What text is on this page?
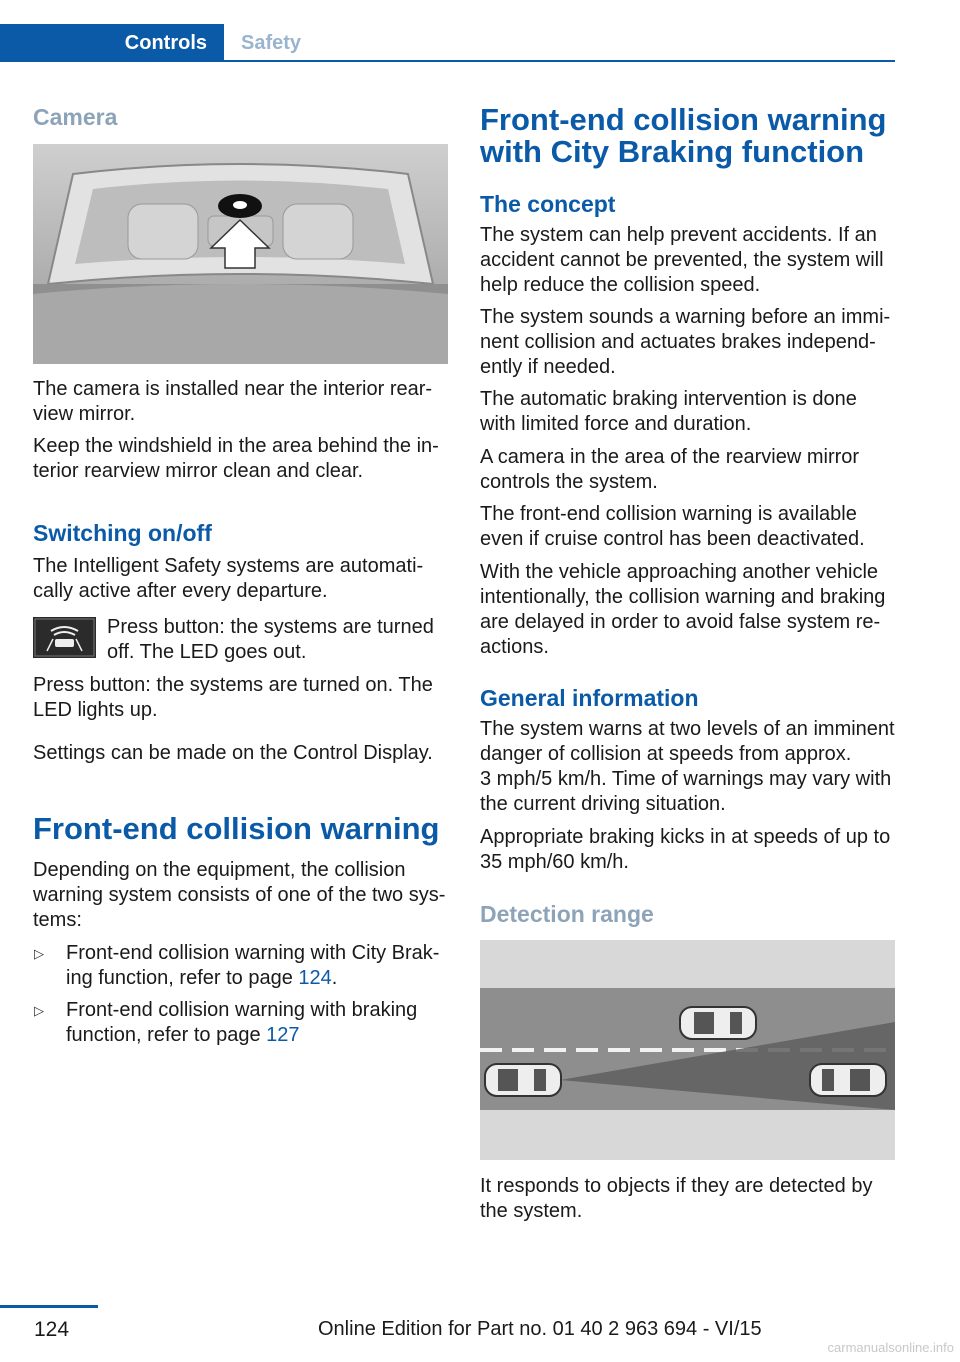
Controls Safety
Camera

The camera is installed near the interior rear-
view mirror.

Keep the windshield in the area behind the in-
terior rearview mirror clean and clear.

Switching on/off

The Intelligent Safety systems are automati-
cally active after every departure.

Press button: the systems are turned
off. The LED goes out.

Press button: the systems are turned on. The
LED lights up.

Settings can be made on the Control Display.

Front-end collision warning

Depending on the equipment, the collision
warning system consists of one of the two sys-
tems:

▷ Front-end collision warning with City Brak-
ing function, refer to page 124.

▷ Front-end collision warning with braking
function, refer to page 127

Front-end collision warning
with City Braking function
The concept

The system can help prevent accidents. If an
accident cannot be prevented, the system will
help reduce the collision speed.

The system sounds a warning before an immi-
nent collision and actuates brakes independ-
ently if needed.

The automatic braking intervention is done
with limited force and duration.

A camera in the area of the rearview mirror
controls the system.

The front-end collision warning is available
even if cruise control has been deactivated.

With the vehicle approaching another vehicle
intentionally, the collision warning and braking
are delayed in order to avoid false system re-
actions.

General information

The system warns at two levels of an imminent
danger of collision at speeds from approx.
3 mph/5 km/h. Time of warnings may vary with
the current driving situation.

Appropriate braking kicks in at speeds of up to
35 mph/60 km/h.

Detection range

It responds to objects if they are detected by
the system.

124	Online Edition for Part no. 01 40 2 963 694 - VI/15
carmanualsonline.info
